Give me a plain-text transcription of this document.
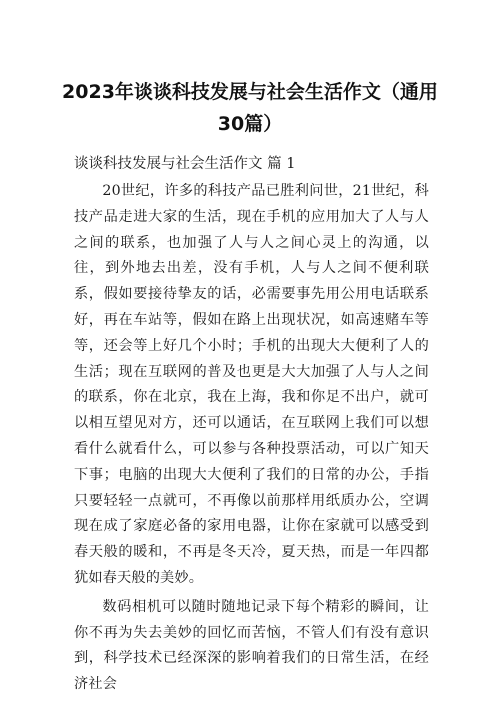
2023年谈谈科技发展与社会生活作文（通用30篇）

谈谈科技发展与社会生活作文 篇 1

20世纪，许多的科技产品已胜利问世，21世纪，科技产品走进大家的生活，现在手机的应用加大了人与人之间的联系，也加强了人与人之间心灵上的沟通，以往，到外地去出差，没有手机，人与人之间不便利联系，假如要接待挚友的话，必需要事先用公用电话联系好，再在车站等，假如在路上出现状况，如高速赌车等等，还会等上好几个小时；手机的出现大大便利了人的生活；现在互联网的普及也更是大大加强了人与人之间的联系，你在北京，我在上海，我和你足不出户，就可以相互望见对方，还可以通话，在互联网上我们可以想看什么就看什么，可以参与各种投票活动，可以广知天下事；电脑的出现大大便利了我们的日常的办公，手指只要轻轻一点就可，不再像以前那样用纸质办公，空调现在成了家庭必备的家用电器，让你在家就可以感受到春天般的暖和，不再是冬天冷，夏天热，而是一年四都犹如春天般的美妙。

数码相机可以随时随地记录下每个精彩的瞬间，让你不再为失去美妙的回忆而苦恼，不管人们有没有意识到，科学技术已经深深的影响着我们的日常生活，在经济社会
